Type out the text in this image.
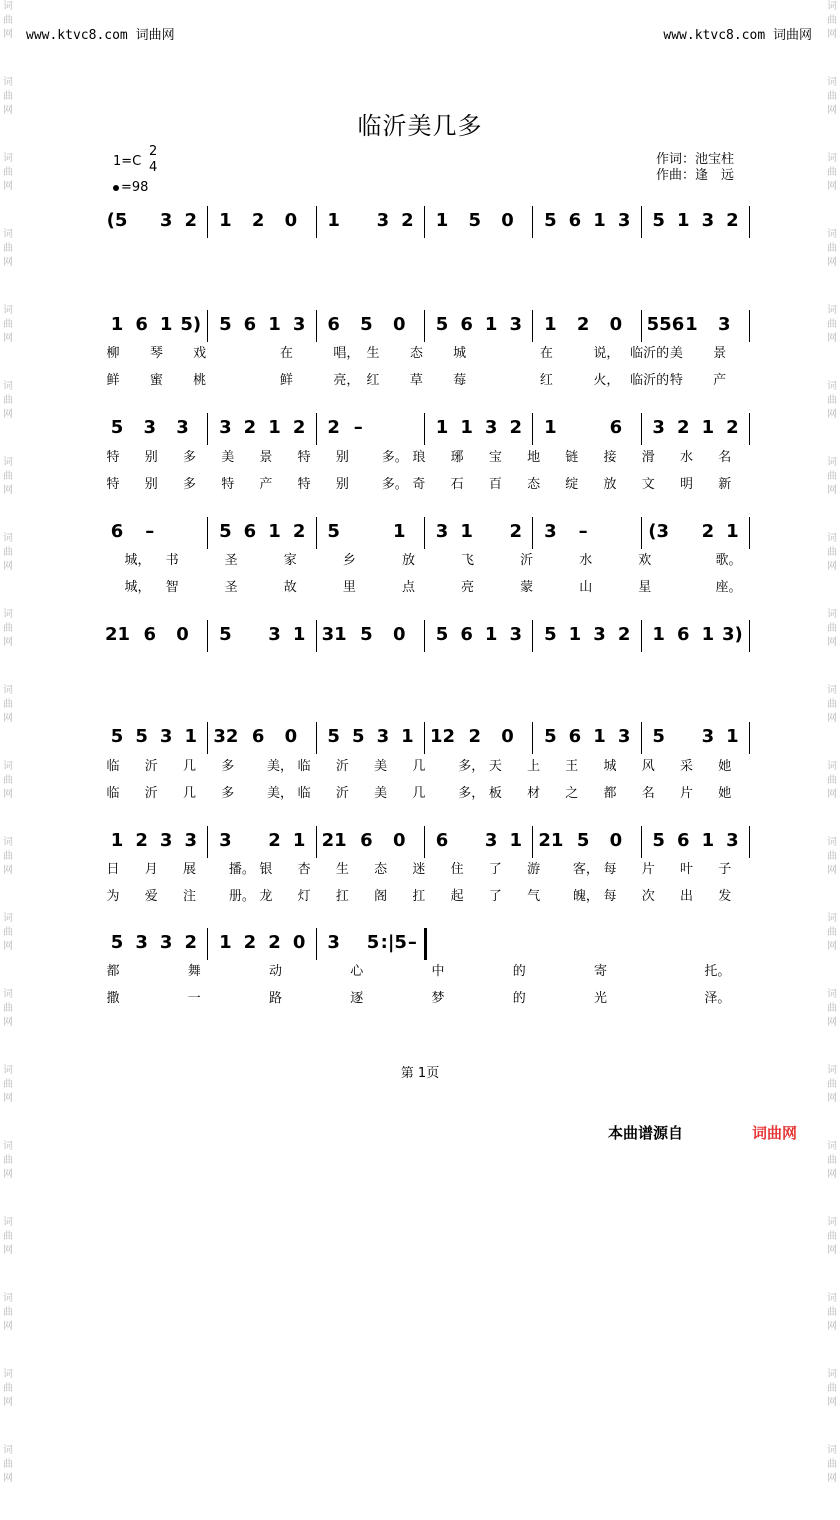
词
曲
网
词
曲
网
词
曲
网
词
曲
网
词
曲
网
词
曲
网
词
曲
网
词
曲
网
词
曲
网
词
曲
网
词
曲
网
词
曲
网
词
曲
网
词
曲
网
词
曲
网
词
曲
网
词
曲
网
词
曲
网
词
曲
网
词
曲
网
词
曲
网
词
曲
网
词
曲
网
词
曲
网
词
曲
网
词
曲
网
词
曲
网
词
曲
网
词
曲
网
词
曲
网
词
曲
网
词
曲
网
词
曲
网
词
曲
网
词
曲
网
词
曲
网
词
曲
网
词
曲
网
词
曲
网
词
曲
网
www.ktvc8.com 词曲网	www.ktvc8.com 词曲网
临沂美几多
1=C
2
4
=98
作词：池宝柱
作曲：逢　远
(5	3 2	1	2	0	1	3 2	1	5	0	5 6 1 3	5 1 3 2
1 6 1 5) 5 6 1 3	6	5	0	5 6 1 3	1	2	0	556 1	3
柳	琴	戏	在	唱， 生	态	城	在	说， 临沂的 美	景
鲜	蜜	桃	鲜	亮， 红	草	莓	红	火， 临沂的 特	产
5	3	3	3 2 1 2	2 –	1 1 3 2	1	6	3 2 1 2
特	别	多	美	景	特	别	多。 琅	琊	宝	地	链	接	滑	水	名
特	别	多	特	产	特	别	多。 奇	石	百	态	绽	放	文	明	新
6	–	5 6 1 2	5	1	3 1	2	3	–	(3	2 1
城，	书	圣	家	乡	放	飞	沂	水	欢	歌。
城，	智	圣	故	里	点	亮	蒙	山	星	座。
21 6	0	5	3 1 31 5	0	5 6 1 3	5 1 3 2	1 6 1 3)
5 5 3 1 32 6	0	5 5 3 1 12 2	0	5 6 1 3	5	3 1
临	沂	几	多	美， 临	沂	美	几	多， 天	上	王	城	风	采	她
临	沂	几	多	美， 临	沂	美	几	多， 板	材	之	都	名	片	她
1 2 3 3	3	2 1 21 6	0	6	3 1 21 5	0	5 6 1 3
日	月	展	播。 银	杏	生	态	迷	住	了	游	客， 每	片	叶	子
为	爱	注	册。 龙	灯	扛	阁	扛	起	了	气	魄， 每	次	出	发
5 3 3 2	1 2 2 0	3	5 :|5 –
都	舞	动	心	中	的	寄	托。
撒	一	路	逐	梦	的	光	泽。
第 1页
本曲谱源自	词曲网
